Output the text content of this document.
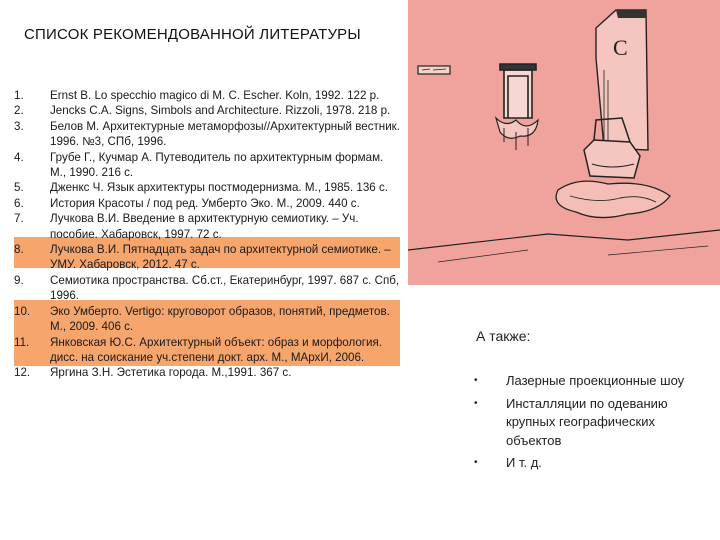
СПИСОК РЕКОМЕНДОВАННОЙ ЛИТЕРАТУРЫ
1.	Ernst B. Lo specchio magico di M. C. Escher. Koln, 1992. 122 p.
2.	Jencks C.A. Signs, Simbols and Architecture. Rizzoli, 1978. 218 p.
3.	Белов М. Архитектурные метаморфозы//Архитектурный вестник. 1996. №3, СПб, 1996.
4.	Грубе Г., Кучмар А. Путеводитель по архитектурным формам. М., 1990. 216 с.
5.	Дженкс Ч. Язык архитектуры постмодернизма. М., 1985. 136 с.
6.	История Красоты / под ред. Умберто Эко. М., 2009. 440 с.
7.	Лучкова В.И. Введение в архитектурную семиотику. – Уч. пособие. Хабаровск, 1997. 72 с.
8.	Лучкова В.И. Пятнадцать задач по архитектурной семиотике. – УМУ. Хабаровск, 2012. 47 с.
9.	Семиотика пространства. Сб.ст., Екатеринбург, 1997. 687 с. Спб, 1996.
10.	Эко Умберто. Vertigo: круговорот образов, понятий, предметов. М., 2009. 406 с.
11.	Янковская Ю.С. Архитектурный объект: образ и морфология. дисс. на соискание уч.степени докт. арх. М., МАрхИ, 2006.
12.	Яргина З.Н. Эстетика города. М.,1991. 367 с.
C
А также:
•	Лазерные проекционные шоу
•	Инсталляции по одеванию крупных географических объектов
•	И т. д.
